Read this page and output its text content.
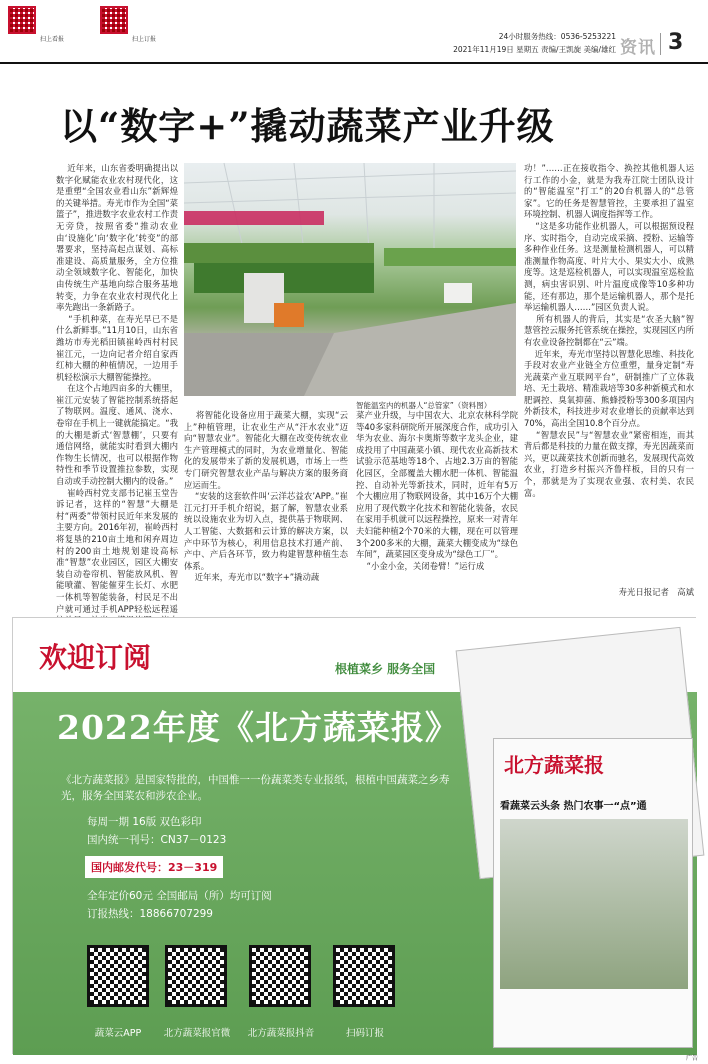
扫上看报	扫上订报	24小时服务热线：0536-5253221
2021年11月19日 星期五 责编/王凯旋 美编/雄红 资讯 3
以“数字+”撬动蔬菜产业升级
智能温室内的机器人“总管家”（资料图）
近年来，山东省委明确提出以数字化赋能农业农村现代化，这是重塑“全国农业看山东”新辉煌的关键举措。寿光市作为全国“菜篮子”，推进数字农业农村工作责无旁贷，按照省委“推动农业由‘设施化’向‘数字化’转变”的部署要求，坚持高起点谋划、高标准建设、高质量服务，全方位推动全领域数字化、智能化，加快由传统生产基地向综合服务基地转变，力争在农业农村现代化上率先跑出一条新路子。
“手机种菜，在寿光早已不是什么新鲜事。”11月10日，山东省潍坊市寿光稻田镇崔岭西村村民崔江元，一边向记者介绍自家西红柿大棚的种植情况，一边用手机轻松演示大棚智能操控。
在这个占地四亩多的大棚里，崔江元安装了智能控制系统搭起了物联网。温度、通风、浇水、卷帘在手机上一键就能搞定。“我的大棚是新式‘智慧棚’，只要有通信网络，就能实时看到大棚内作物生长情况，也可以根据作物特性和季节设置推拉参数，实现自动或手动控制大棚内的设备。”
崔岭西村党支部书记崔玉堂告诉记者，这样的“智慧”大棚是村“两委”带领村民近年来发展的主要方向。2016年初，崔岭西村将复垦的210亩土地和闲弃周边村的200亩土地规划建设高标准“智慧”农业园区，园区大棚安装自动卷帘机、智能放风机、智能喷灌、智能催芽生长灯、水肥一体机等智能装备，村民足不出户就可通过手机APP轻松远程遥
将智能化设备应用于蔬菜大棚，实现“云上”种植管理，让农业生产从“汗水农业”迈向“智慧农业”。智能化大棚在改变传统农业生产管理模式的同时，为农业增量化、智能化的发展带来了新的发展机遇，市场上一些专门研究智慧农业产品与解决方案的服务商应运而生。
“安装的这套软件叫‘云洋芯益农’APP。”崔江元打开手机介绍说，据了解，智慧农业系统以设施农业为切入点，提供基于物联网、人工智能、大数据和云计算的解决方案，以产中环节为核心，利用信息技术打通产前、产中、产后各环节，致力构建智慧种植生态体系。
近年来，寿光市以“数字+”撬动蔬
菜产业升级，与中国农大、北京农林科学院等40多家科研院所开展深度合作，成功引入华为农业、海尔卡奥斯等数字龙头企业，建成投用了中国蔬菜小镇、现代农业高新技术试验示范基地等18个、占地2.3万亩的智能化园区，全部覆盖大棚水肥一体机、智能温控、自动补光等新技术，同时，近年有5万个大棚应用了物联网设备，其中16万个大棚应用了现代数字化技术和智能化装备，农民在家用手机就可以远程操控，原来一对青年夫妇能种植2个70米的大棚，现在可以管理3个200多米的大棚，蔬菜大棚变成为“绿色车间”，蔬菜园区变身成为“绿色工厂”。
“小金小金，关闭卷臂！”运行成
功！”……正在接收指令、换控其他机器人运行工作的小金，就是为我寿江院士团队设计的“智能温室”打工”的20台机器人的“总管家”。它的任务是智慧管控，主要承担了温室环境控制、机器人调度指挥等工作。
“这是多功能作业机器人，可以根据预设程序、实时指令，自动完成采摘、授粉、运输等多种作业任务。这是测量检测机器人，可以精准测量作物高度、叶片大小、果实大小、成熟度等。这是巡检机器人，可以实现温室巡检监测，病虫害识别、叶片温度成像等10多种功能，还有那边，那个是运输机器人，那个是托举运输机器人……”园区负责人说。
所有机器人的背后，其实是“农圣大脑”智慧管控云服务托管系统在操控，实现园区内所有农业设备控制都在“云”端。
近年来，寿光市坚持以智慧化思维、科技化手段对农业产业链全方位重塑，量身定制“寿光蔬菜产业互联网平台”，研制推广了立体栽培、无土栽培、精准栽培等30多种新模式和水肥调控、臭氧抑菌、熊蜂授粉等300多项国内外新技术，科技进步对农业增长的贡献率达到70%，高出全国10.8个百分点。
“智慧农民”与“智慧农业”紧密相连，而其背后都是科技的力量在做支撑，寿光因蔬菜而兴，更以蔬菜技术创新而驰名，发展现代高效农业，打造乡村振兴齐鲁样板，目的只有一个，那就是为了实现农业强、农村美、农民富。
寿光日报记者　高斌
欢迎订阅	根植菜乡 服务全国
2022年度《北方蔬菜报》
《北方蔬菜报》是国家特批的，中国惟一一份蔬菜类专业报纸，根植中国蔬菜之乡寿光，服务全国菜农和涉农企业。
每周一期 16版 双色彩印
国内统一刊号：CN37－0123
国内邮发代号：23－319
全年定价60元 全国邮局（所）均可订阅
订报热线：18866707299
北方蔬菜报
看蔬菜云头条 热门农事一“点”通
蔬菜云APP	北方蔬菜报官微	北方蔬菜报抖音	扫码订报
广告
